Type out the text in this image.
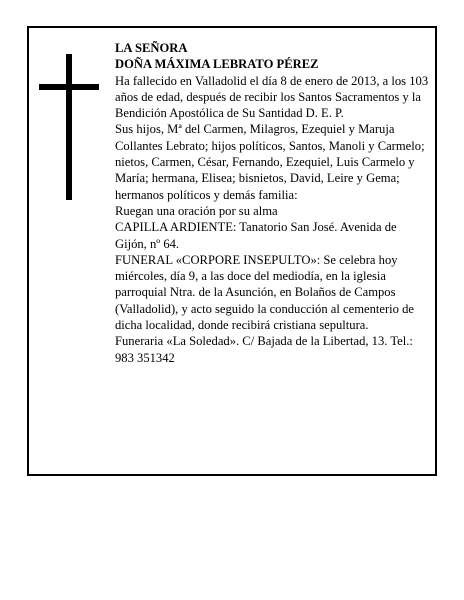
LA SEÑORA

DOÑA MÁXIMA LEBRATO PÉREZ

Ha fallecido en Valladolid el día 8 de enero de 2013, a los 103 años de edad, después de recibir los Santos Sacramentos y la Bendición Apostólica de Su Santidad D. E. P.

Sus hijos, Mª del Carmen, Milagros, Ezequiel y Maruja Collantes Lebrato; hijos políticos, Santos, Manoli y Carmelo; nietos, Carmen, César, Fernando, Ezequiel, Luis Carmelo y María; hermana, Elisea; bisnietos, David, Leire y Gema; hermanos políticos y demás familia:

Ruegan una oración por su alma

CAPILLA ARDIENTE: Tanatorio San José. Avenida de Gijón, nº 64.

FUNERAL «CORPORE INSEPULTO»: Se celebra hoy miércoles, día 9, a las doce del mediodía, en la iglesia parroquial Ntra. de la Asunción, en Bolaños de Campos (Valladolid), y acto seguido la conducción al cementerio de dicha localidad, donde recibirá cristiana sepultura.

Funeraria «La Soledad». C/ Bajada de la Libertad, 13. Tel.: 983 351342
